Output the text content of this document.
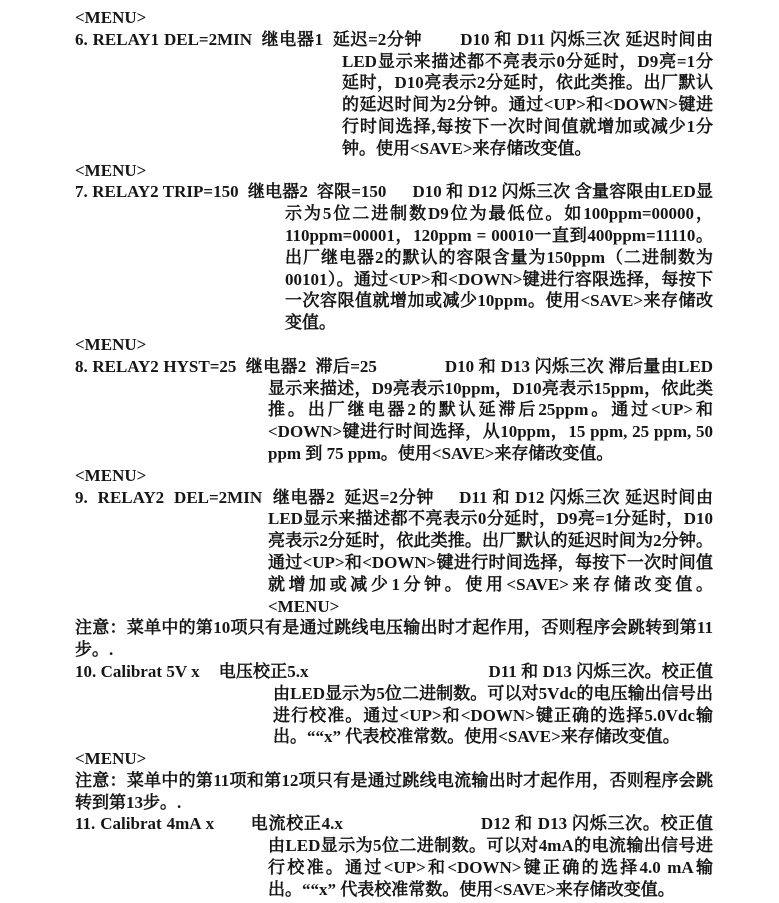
<MENU>

6. RELAY1 DEL=2MIN 继电器1  延迟=2分钟 D10 和 D11 闪烁三次 延迟时间由LED显示来描述都不亮表示0分延时，D9亮=1分延时，D10亮表示2分延时，依此类推。出厂默认的延迟时间为2分钟。通过<UP>和<DOWN>键进行时间选择,每按下一次时间值就增加或减少1分钟。使用<SAVE>来存储改变值。

<MENU>

7. RELAY2 TRIP=150 继电器2  容限=150 D10 和 D12 闪烁三次 含量容限由LED显示为5位二进制数D9位为最低位。如100ppm=00000，110ppm=00001，120ppm = 00010一直到400ppm=11110。出厂继电器2的默认的容限含量为150ppm（二进制数为00101）。通过<UP>和<DOWN>键进行容限选择，每按下一次容限值就增加或减少10ppm。使用<SAVE>来存储改变值。

<MENU>

8. RELAY2 HYST=25 继电器2  滞后=25	D10 和 D13 闪烁三次 滞后量由LED显示来描述，D9亮表示10ppm，D10亮表示15ppm，依此类推。出厂继电器2的默认延滞后25ppm。通过<UP>和<DOWN>键进行时间选择，从10ppm，15 ppm, 25 ppm, 50 ppm 到 75 ppm。使用<SAVE>来存储改变值。

<MENU>

9.  RELAY2  DEL=2MIN 继电器2  延迟=2分钟 D11 和 D12 闪烁三次 延迟时间由LED显示来描述都不亮表示0分延时，D9亮=1分延时，D10亮表示2分延时，依此类推。出厂默认的延迟时间为2分钟。通过<UP>和<DOWN>键进行时间选择，每按下一次时间值就增加或减少1分钟。使用<SAVE>来存储改变值。<MENU>

注意：菜单中的第10项只有是通过跳线电压输出时才起作用，否则程序会跳转到第11步。.

10. Calibrat 5V x 电压校正5.x	D11 和 D13 闪烁三次。校正值由LED显示为5位二进制数。可以对5Vdc的电压输出信号出进行校准。通过<UP>和<DOWN>键正确的选择5.0Vdc输出。““x” 代表校准常数。使用<SAVE>来存储改变值。

<MENU>

注意：菜单中的第11项和第12项只有是通过跳线电流输出时才起作用，否则程序会跳转到第13步。.

11. Calibrat 4mA x 电流校正4.x	D12 和 D13 闪烁三次。校正值由LED显示为5位二进制数。可以对4mA的电流输出信号进行校准。通过<UP>和<DOWN>键正确的选择4.0 mA输出。““x” 代表校准常数。使用<SAVE>来存储改变值。
